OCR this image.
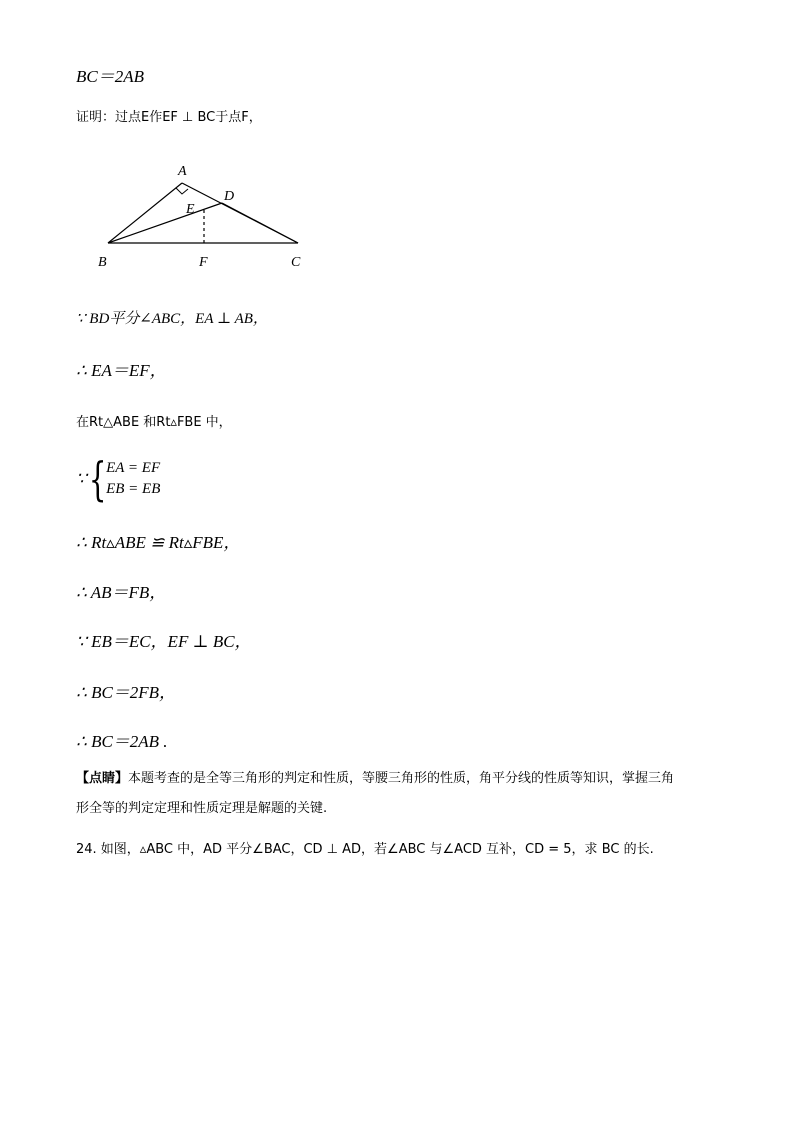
BC＝2AB
证明：过点E作EF ⊥ BC于点F，
A
B	C
D
E
F
∵ BD平分∠ABC，EA ⊥ AB，
∴ EA＝EF，
在Rt△ABE 和Rt▵FBE 中，
∵ { EA = EF
EB = EB
∴ Rt▵ABE ≌ Rt▵FBE，
∴ AB＝FB，
∵ EB＝EC，EF ⊥ BC，
∴ BC＝2FB，
∴ BC＝2AB .
【点睛】本题考查的是全等三角形的判定和性质，等腰三角形的性质，角平分线的性质等知识，掌握三角
形全等的判定定理和性质定理是解题的关键.
24. 如图，▵ABC 中，AD 平分∠BAC，CD ⊥ AD，若∠ABC 与∠ACD 互补，CD = 5，求 BC 的长.
